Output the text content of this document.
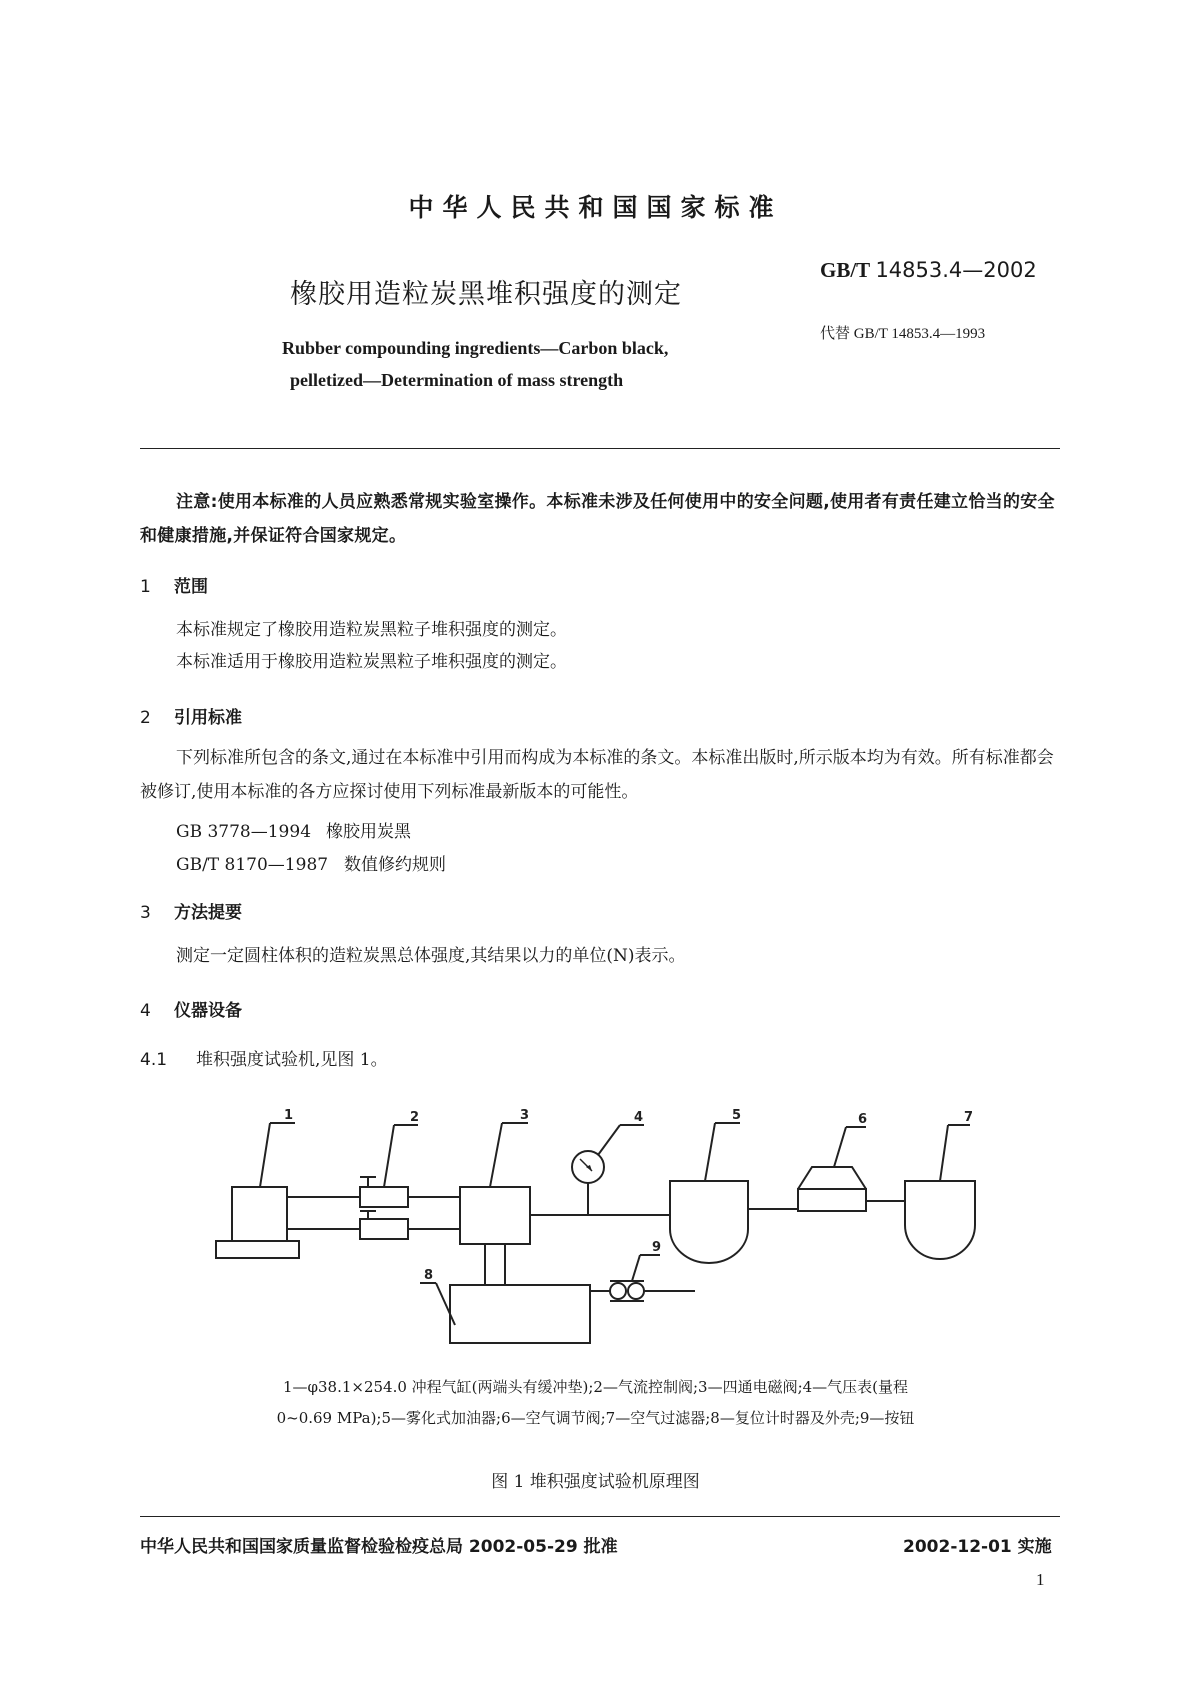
中华人民共和国国家标准
橡胶用造粒炭黑堆积强度的测定
Rubber compounding ingredients—Carbon black,
pelletized—Determination of mass strength
GB/T 14853.4—2002
代替 GB/T 14853.4—1993
注意:使用本标准的人员应熟悉常规实验室操作。本标准未涉及任何使用中的安全问题,使用者有责任建立恰当的安全和健康措施,并保证符合国家规定。
1 范围
本标准规定了橡胶用造粒炭黑粒子堆积强度的测定。
本标准适用于橡胶用造粒炭黑粒子堆积强度的测定。
2 引用标准
下列标准所包含的条文,通过在本标准中引用而构成为本标准的条文。本标准出版时,所示版本均为有效。所有标准都会被修订,使用本标准的各方应探讨使用下列标准最新版本的可能性。
GB 3778—1994 橡胶用炭黑
GB/T 8170—1987 数值修约规则
3 方法提要
测定一定圆柱体积的造粒炭黑总体强度,其结果以力的单位(N)表示。
4 仪器设备
4.1 堆积强度试验机,见图 1。
1	2	3	4	5	6	7
8
9
1—φ38.1×254.0 冲程气缸(两端头有缓冲垫);2—气流控制阀;3—四通电磁阀;4—气压表(量程
0~0.69 MPa);5—雾化式加油器;6—空气调节阀;7—空气过滤器;8—复位计时器及外壳;9—按钮
图 1 堆积强度试验机原理图
中华人民共和国国家质量监督检验检疫总局 2002-05-29 批准	2002-12-01 实施
1
